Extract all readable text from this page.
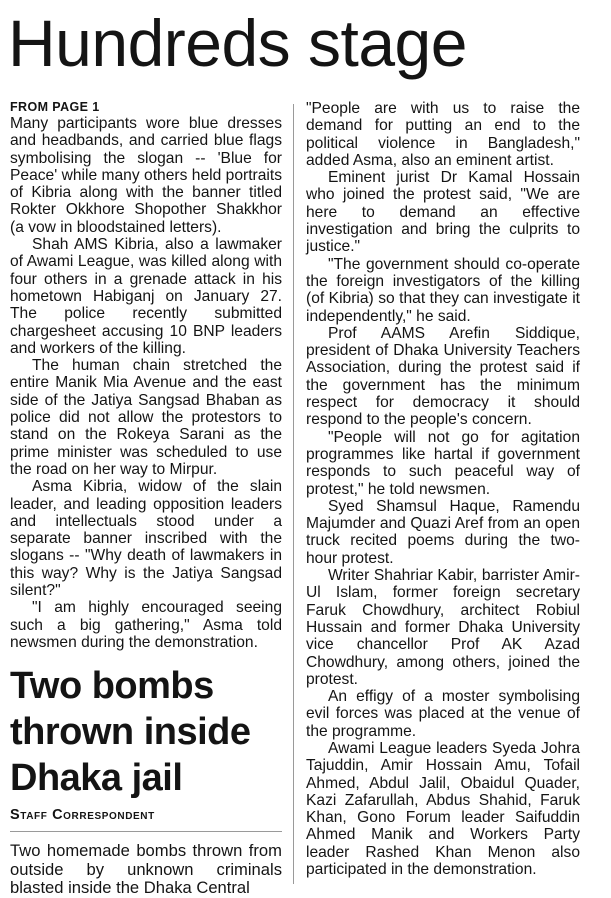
Hundreds stage
FROM PAGE 1

Many participants wore blue dresses and headbands, and carried blue flags symbolising the slogan -- 'Blue for Peace' while many others held portraits of Kibria along with the banner titled Rokter Okkhore Shopother Shakkhor (a vow in bloodstained letters).

Shah AMS Kibria, also a lawmaker of Awami League, was killed along with four others in a grenade attack in his hometown Habiganj on January 27. The police recently submitted chargesheet accusing 10 BNP leaders and workers of the killing.

The human chain stretched the entire Manik Mia Avenue and the east side of the Jatiya Sangsad Bhaban as police did not allow the protestors to stand on the Rokeya Sarani as the prime minister was scheduled to use the road on her way to Mirpur.

Asma Kibria, widow of the slain leader, and leading opposition leaders and intellectuals stood under a separate banner inscribed with the slogans -- "Why death of lawmakers in this way? Why is the Jatiya Sangsad silent?"

"I am highly encouraged seeing such a big gathering," Asma told newsmen during the demonstration.

Two bombs thrown inside Dhaka jail
Staff Correspondent

Two homemade bombs thrown from outside by unknown criminals blasted inside the Dhaka Central

"People are with us to raise the demand for putting an end to the political violence in Bangladesh," added Asma, also an eminent artist.

Eminent jurist Dr Kamal Hossain who joined the protest said, "We are here to demand an effective investigation and bring the culprits to justice."

"The government should co-operate the foreign investigators of the killing (of Kibria) so that they can investigate it independently," he said.

Prof AAMS Arefin Siddique, president of Dhaka University Teachers Association, during the protest said if the government has the minimum respect for democracy it should respond to the people's concern.

"People will not go for agitation programmes like hartal if government responds to such peaceful way of protest," he told newsmen.

Syed Shamsul Haque, Ramendu Majumder and Quazi Aref from an open truck recited poems during the two-hour protest.

Writer Shahriar Kabir, barrister Amir-Ul Islam, former foreign secretary Faruk Chowdhury, architect Robiul Hussain and former Dhaka University vice chancellor Prof AK Azad Chowdhury, among others, joined the protest.

An effigy of a moster symbolising evil forces was placed at the venue of the programme.

Awami League leaders Syeda Johra Tajuddin, Amir Hossain Amu, Tofail Ahmed, Abdul Jalil, Obaidul Quader, Kazi Zafarullah, Abdus Shahid, Faruk Khan, Gono Forum leader Saifuddin Ahmed Manik and Workers Party leader Rashed Khan Menon also participated in the demonstration.
